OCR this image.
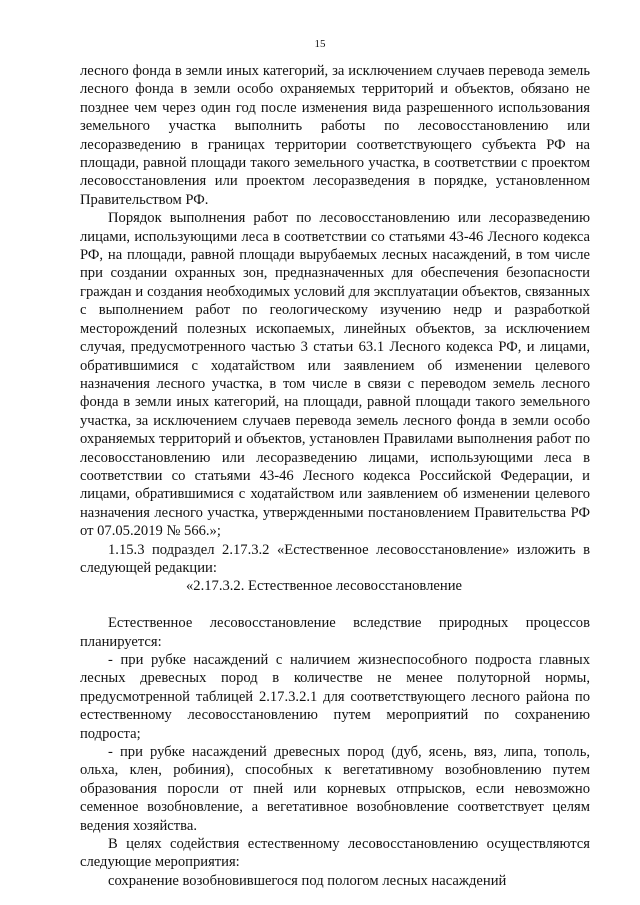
15

лесного фонда в земли иных категорий, за исключением случаев перевода земель лесного фонда в земли особо охраняемых территорий и объектов, обязано не позднее чем через один год после изменения вида разрешенного использования земельного участка выполнить работы по лесовосстановлению или лесоразведению в границах территории соответствующего субъекта РФ на площади, равной площади такого земельного участка, в соответствии с проектом лесовосстановления или проектом лесоразведения в порядке, установленном Правительством РФ.

Порядок выполнения работ по лесовосстановлению или лесоразведению лицами, использующими леса в соответствии со статьями 43-46 Лесного кодекса РФ, на площади, равной площади вырубаемых лесных насаждений, в том числе при создании охранных зон, предназначенных для обеспечения безопасности граждан и создания необходимых условий для эксплуатации объектов, связанных с выполнением работ по геологическому изучению недр и разработкой месторождений полезных ископаемых, линейных объектов, за исключением случая, предусмотренного частью 3 статьи 63.1 Лесного кодекса РФ, и лицами, обратившимися с ходатайством или заявлением об изменении целевого назначения лесного участка, в том числе в связи с переводом земель лесного фонда в земли иных категорий, на площади, равной площади такого земельного участка, за исключением случаев перевода земель лесного фонда в земли особо охраняемых территорий и объектов, установлен Правилами выполнения работ по лесовосстановлению или лесоразведению лицами, использующими леса в соответствии со статьями 43-46 Лесного кодекса Российской Федерации, и лицами, обратившимися с ходатайством или заявлением об изменении целевого назначения лесного участка, утвержденными постановлением Правительства РФ от 07.05.2019 № 566.»;

1.15.3 подраздел 2.17.3.2 «Естественное лесовосстановление» изложить в следующей редакции:

«2.17.3.2. Естественное лесовосстановление

Естественное лесовосстановление вследствие природных процессов планируется:

- при рубке насаждений с наличием жизнеспособного подроста главных лесных древесных пород в количестве не менее полуторной нормы, предусмотренной таблицей 2.17.3.2.1 для соответствующего лесного района по естественному лесовосстановлению путем мероприятий по сохранению подроста;

- при рубке насаждений древесных пород (дуб, ясень, вяз, липа, тополь, ольха, клен, робиния), способных к вегетативному возобновлению путем образования поросли от пней или корневых отпрысков, если невозможно семенное возобновление, а вегетативное возобновление соответствует целям ведения хозяйства.

В целях содействия естественному лесовосстановлению осуществляются следующие мероприятия:

сохранение возобновившегося под пологом лесных насаждений
